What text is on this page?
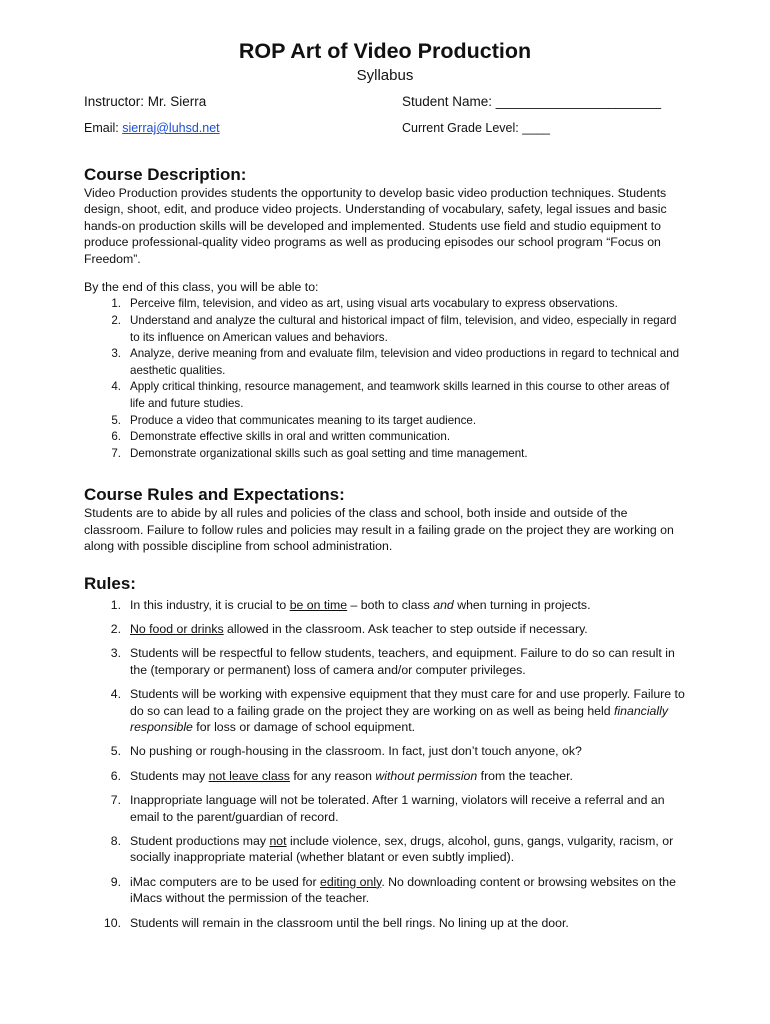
ROP Art of Video Production
Syllabus
Instructor: Mr. Sierra	Student Name: ______________________
Email: sierraj@luhsd.net	Current Grade Level: ____
Course Description:

Video Production provides students the opportunity to develop basic video production techniques. Students design, shoot, edit, and produce video projects. Understanding of vocabulary, safety, legal issues and basic hands-on production skills will be developed and implemented. Students use field and studio equipment to produce professional-quality video programs as well as producing episodes our school program “Focus on Freedom”.

By the end of this class, you will be able to:

1. Perceive film, television, and video as art, using visual arts vocabulary to express observations.
2. Understand and analyze the cultural and historical impact of film, television, and video, especially in regard to its influence on American values and behaviors.
3. Analyze, derive meaning from and evaluate film, television and video productions in regard to technical and aesthetic qualities.
4. Apply critical thinking, resource management, and teamwork skills learned in this course to other areas of life and future studies.
5. Produce a video that communicates meaning to its target audience.
6. Demonstrate effective skills in oral and written communication.
7. Demonstrate organizational skills such as goal setting and time management.
Course Rules and Expectations:

Students are to abide by all rules and policies of the class and school, both inside and outside of the classroom. Failure to follow rules and policies may result in a failing grade on the project they are working on along with possible discipline from school administration.

Rules:
1. In this industry, it is crucial to be on time – both to class and when turning in projects.
2. No food or drinks allowed in the classroom. Ask teacher to step outside if necessary.
3. Students will be respectful to fellow students, teachers, and equipment. Failure to do so can result in the (temporary or permanent) loss of camera and/or computer privileges.
4. Students will be working with expensive equipment that they must care for and use properly. Failure to do so can lead to a failing grade on the project they are working on as well as being held financially responsible for loss or damage of school equipment.
5. No pushing or rough-housing in the classroom. In fact, just don’t touch anyone, ok?
6. Students may not leave class for any reason without permission from the teacher.
7. Inappropriate language will not be tolerated. After 1 warning, violators will receive a referral and an email to the parent/guardian of record.
8. Student productions may not include violence, sex, drugs, alcohol, guns, gangs, vulgarity, racism, or socially inappropriate material (whether blatant or even subtly implied).
9. iMac computers are to be used for editing only. No downloading content or browsing websites on the iMacs without the permission of the teacher.
10. Students will remain in the classroom until the bell rings. No lining up at the door.
